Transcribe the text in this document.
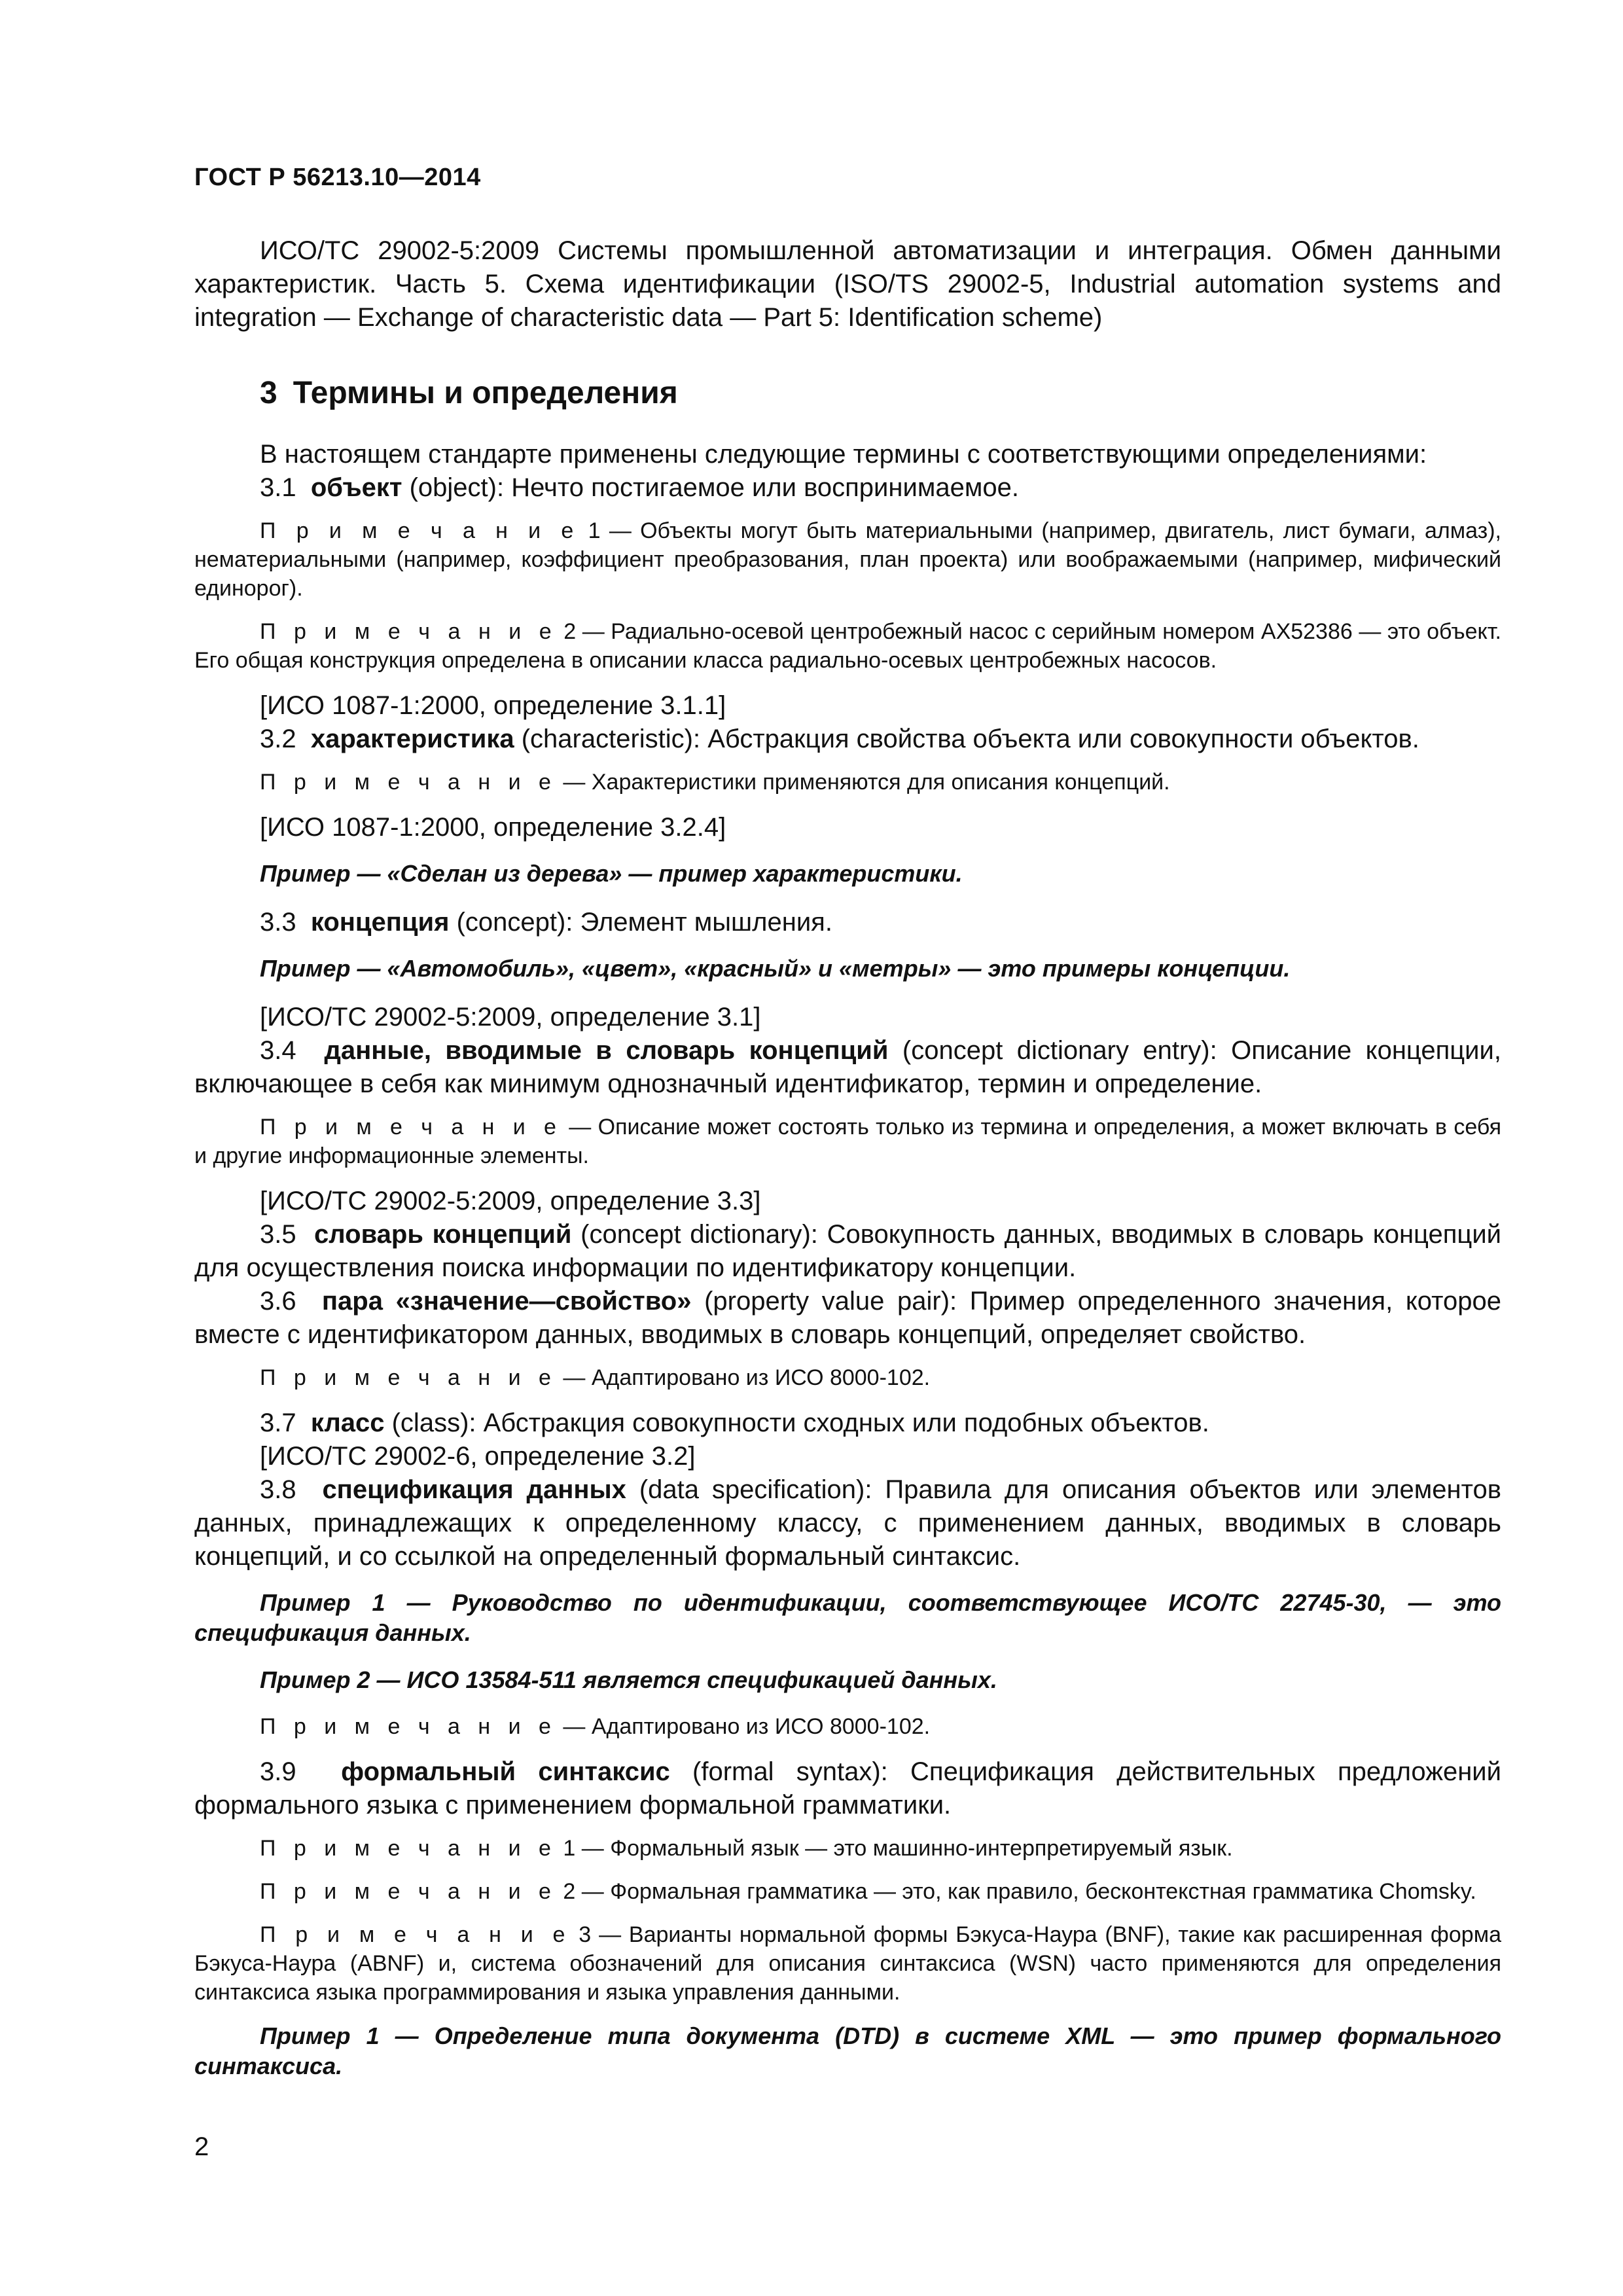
ГОСТ Р 56213.10—2014

ИСО/ТС 29002-5:2009 Системы промышленной автоматизации и интеграция. Обмен данными характеристик. Часть 5. Схема идентификации (ISO/TS 29002-5, Industrial automation systems and integration — Exchange of characteristic data — Part 5: Identification scheme)

3 Термины и определения

В настоящем стандарте применены следующие термины с соответствующими определениями:

3.1 объект (object): Нечто постигаемое или воспринимаемое.

П р и м е ч а н и е 1 — Объекты могут быть материальными (например, двигатель, лист бумаги, алмаз), нематериальными (например, коэффициент преобразования, план проекта) или воображаемыми (например, мифический единорог).

П р и м е ч а н и е 2 — Радиально-осевой центробежный насос с серийным номером AX52386 — это объект. Его общая конструкция определена в описании класса радиально-осевых центробежных насосов.

[ИСО 1087-1:2000, определение 3.1.1]

3.2 характеристика (characteristic): Абстракция свойства объекта или совокупности объектов.

П р и м е ч а н и е — Характеристики применяются для описания концепций.

[ИСО 1087-1:2000, определение 3.2.4]

Пример — «Сделан из дерева» — пример характеристики.

3.3 концепция (concept): Элемент мышления.

Пример — «Автомобиль», «цвет», «красный» и «метры» — это примеры концепции.

[ИСО/ТС 29002-5:2009, определение 3.1]

3.4 данные, вводимые в словарь концепций (concept dictionary entry): Описание концепции, включающее в себя как минимум однозначный идентификатор, термин и определение.

П р и м е ч а н и е — Описание может состоять только из термина и определения, а может включать в себя и другие информационные элементы.

[ИСО/ТС 29002-5:2009, определение 3.3]

3.5 словарь концепций (concept dictionary): Совокупность данных, вводимых в словарь концепций для осуществления поиска информации по идентификатору концепции.

3.6 пара «значение—свойство» (property value pair): Пример определенного значения, которое вместе с идентификатором данных, вводимых в словарь концепций, определяет свойство.

П р и м е ч а н и е — Адаптировано из ИСО 8000-102.

3.7 класс (class): Абстракция совокупности сходных или подобных объектов.

[ИСО/ТС 29002-6, определение 3.2]

3.8 спецификация данных (data specification): Правила для описания объектов или элементов данных, принадлежащих к определенному классу, с применением данных, вводимых в словарь концепций, и со ссылкой на определенный формальный синтаксис.

Пример 1 — Руководство по идентификации, соответствующее ИСО/ТС 22745-30, — это спецификация данных.

Пример 2 — ИСО 13584-511 является спецификацией данных.

П р и м е ч а н и е — Адаптировано из ИСО 8000-102.

3.9 формальный синтаксис (formal syntax): Спецификация действительных предложений формального языка с применением формальной грамматики.

П р и м е ч а н и е 1 — Формальный язык — это машинно-интерпретируемый язык.

П р и м е ч а н и е 2 — Формальная грамматика — это, как правило, бесконтекстная грамматика Chomsky.

П р и м е ч а н и е 3 — Варианты нормальной формы Бэкуса-Наура (BNF), такие как расширенная форма Бэкуса-Наура (ABNF) и, система обозначений для описания синтаксиса (WSN) часто применяются для определения синтаксиса языка программирования и языка управления данными.

Пример 1 — Определение типа документа (DTD) в системе XML — это пример формального синтаксиса.

2
